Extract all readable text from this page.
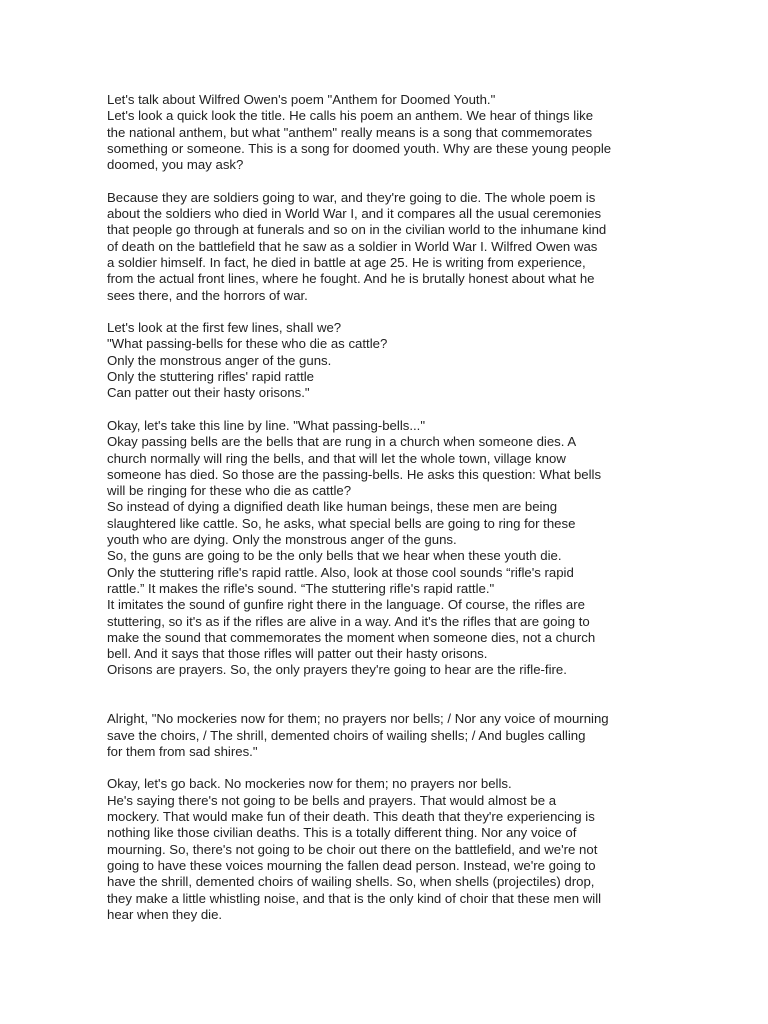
Let's talk about Wilfred Owen's poem "Anthem for Doomed Youth."
Let's look a quick look the title. He calls his poem an anthem. We hear of things like
the national anthem, but what "anthem" really means is a song that commemorates
something or someone. This is a song for doomed youth. Why are these young people
doomed, you may ask?
Because they are soldiers going to war, and they're going to die. The whole poem is
about the soldiers who died in World War I, and it compares all the usual ceremonies
that people go through at funerals and so on in the civilian world to the inhumane kind
of death on the battlefield that he saw as a soldier in World War I. Wilfred Owen was
a soldier himself. In fact, he died in battle at age 25. He is writing from experience,
from the actual front lines, where he fought. And he is brutally honest about what he
sees there, and the horrors of war.
Let's look at the first few lines, shall we?
"What passing-bells for these who die as cattle?
Only the monstrous anger of the guns.
Only the stuttering rifles' rapid rattle
Can patter out their hasty orisons."
Okay, let's take this line by line. "What passing-bells..."
Okay passing bells are the bells that are rung in a church when someone dies. A
church normally will ring the bells, and that will let the whole town, village know
someone has died. So those are the passing-bells. He asks this question: What bells
will be ringing for these who die as cattle?
So instead of dying a dignified death like human beings, these men are being
slaughtered like cattle. So, he asks, what special bells are going to ring for these
youth who are dying. Only the monstrous anger of the guns.
So, the guns are going to be the only bells that we hear when these youth die.
Only the stuttering rifle's rapid rattle. Also, look at those cool sounds “rifle's rapid
rattle.” It makes the rifle's sound. “The stuttering rifle's rapid rattle."
It imitates the sound of gunfire right there in the language. Of course, the rifles are
stuttering, so it's as if the rifles are alive in a way. And it's the rifles that are going to
make the sound that commemorates the moment when someone dies, not a church
bell. And it says that those rifles will patter out their hasty orisons.
Orisons are prayers. So, the only prayers they're going to hear are the rifle-fire.
Alright, "No mockeries now for them; no prayers nor bells; / Nor any voice of mourning
save the choirs, / The shrill, demented choirs of wailing shells; / And bugles calling
for them from sad shires."
Okay, let's go back. No mockeries now for them; no prayers nor bells.
He's saying there's not going to be bells and prayers. That would almost be a
mockery. That would make fun of their death. This death that they're experiencing is
nothing like those civilian deaths. This is a totally different thing. Nor any voice of
mourning. So, there's not going to be choir out there on the battlefield, and we're not
going to have these voices mourning the fallen dead person. Instead, we're going to
have the shrill, demented choirs of wailing shells. So, when shells (projectiles) drop,
they make a little whistling noise, and that is the only kind of choir that these men will
hear when they die.
